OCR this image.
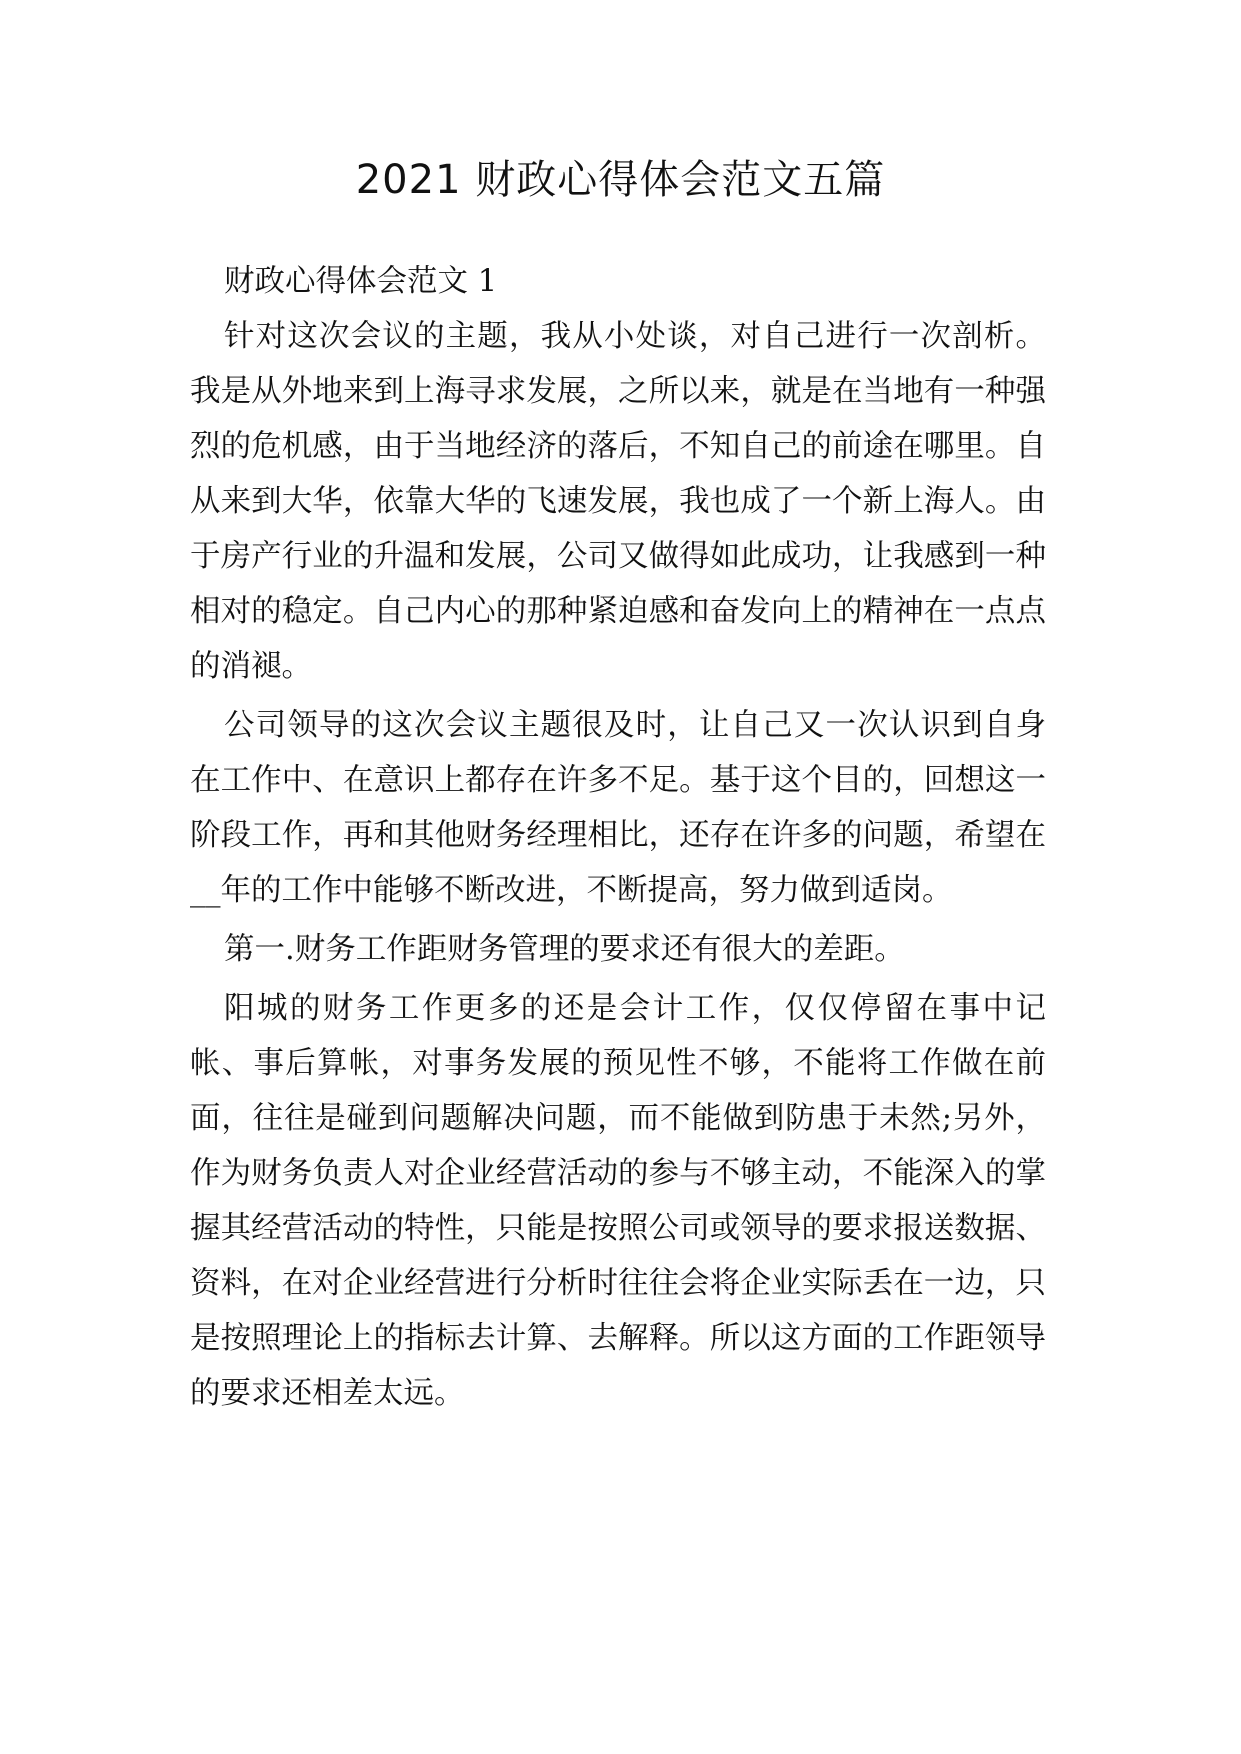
2021 财政心得体会范文五篇

财政心得体会范文 1

针对这次会议的主题，我从小处谈，对自己进行一次剖析。我是从外地来到上海寻求发展，之所以来，就是在当地有一种强烈的危机感，由于当地经济的落后，不知自己的前途在哪里。自从来到大华，依靠大华的飞速发展，我也成了一个新上海人。由于房产行业的升温和发展，公司又做得如此成功，让我感到一种相对的稳定。自己内心的那种紧迫感和奋发向上的精神在一点点的消褪。

公司领导的这次会议主题很及时，让自己又一次认识到自身在工作中、在意识上都存在许多不足。基于这个目的，回想这一阶段工作，再和其他财务经理相比，还存在许多的问题，希望在__年的工作中能够不断改进，不断提高，努力做到适岗。

第一.财务工作距财务管理的要求还有很大的差距。

阳城的财务工作更多的还是会计工作，仅仅停留在事中记帐、事后算帐，对事务发展的预见性不够，不能将工作做在前面，往往是碰到问题解决问题，而不能做到防患于未然;另外，作为财务负责人对企业经营活动的参与不够主动，不能深入的掌握其经营活动的特性，只能是按照公司或领导的要求报送数据、资料，在对企业经营进行分析时往往会将企业实际丢在一边，只是按照理论上的指标去计算、去解释。所以这方面的工作距领导的要求还相差太远。
